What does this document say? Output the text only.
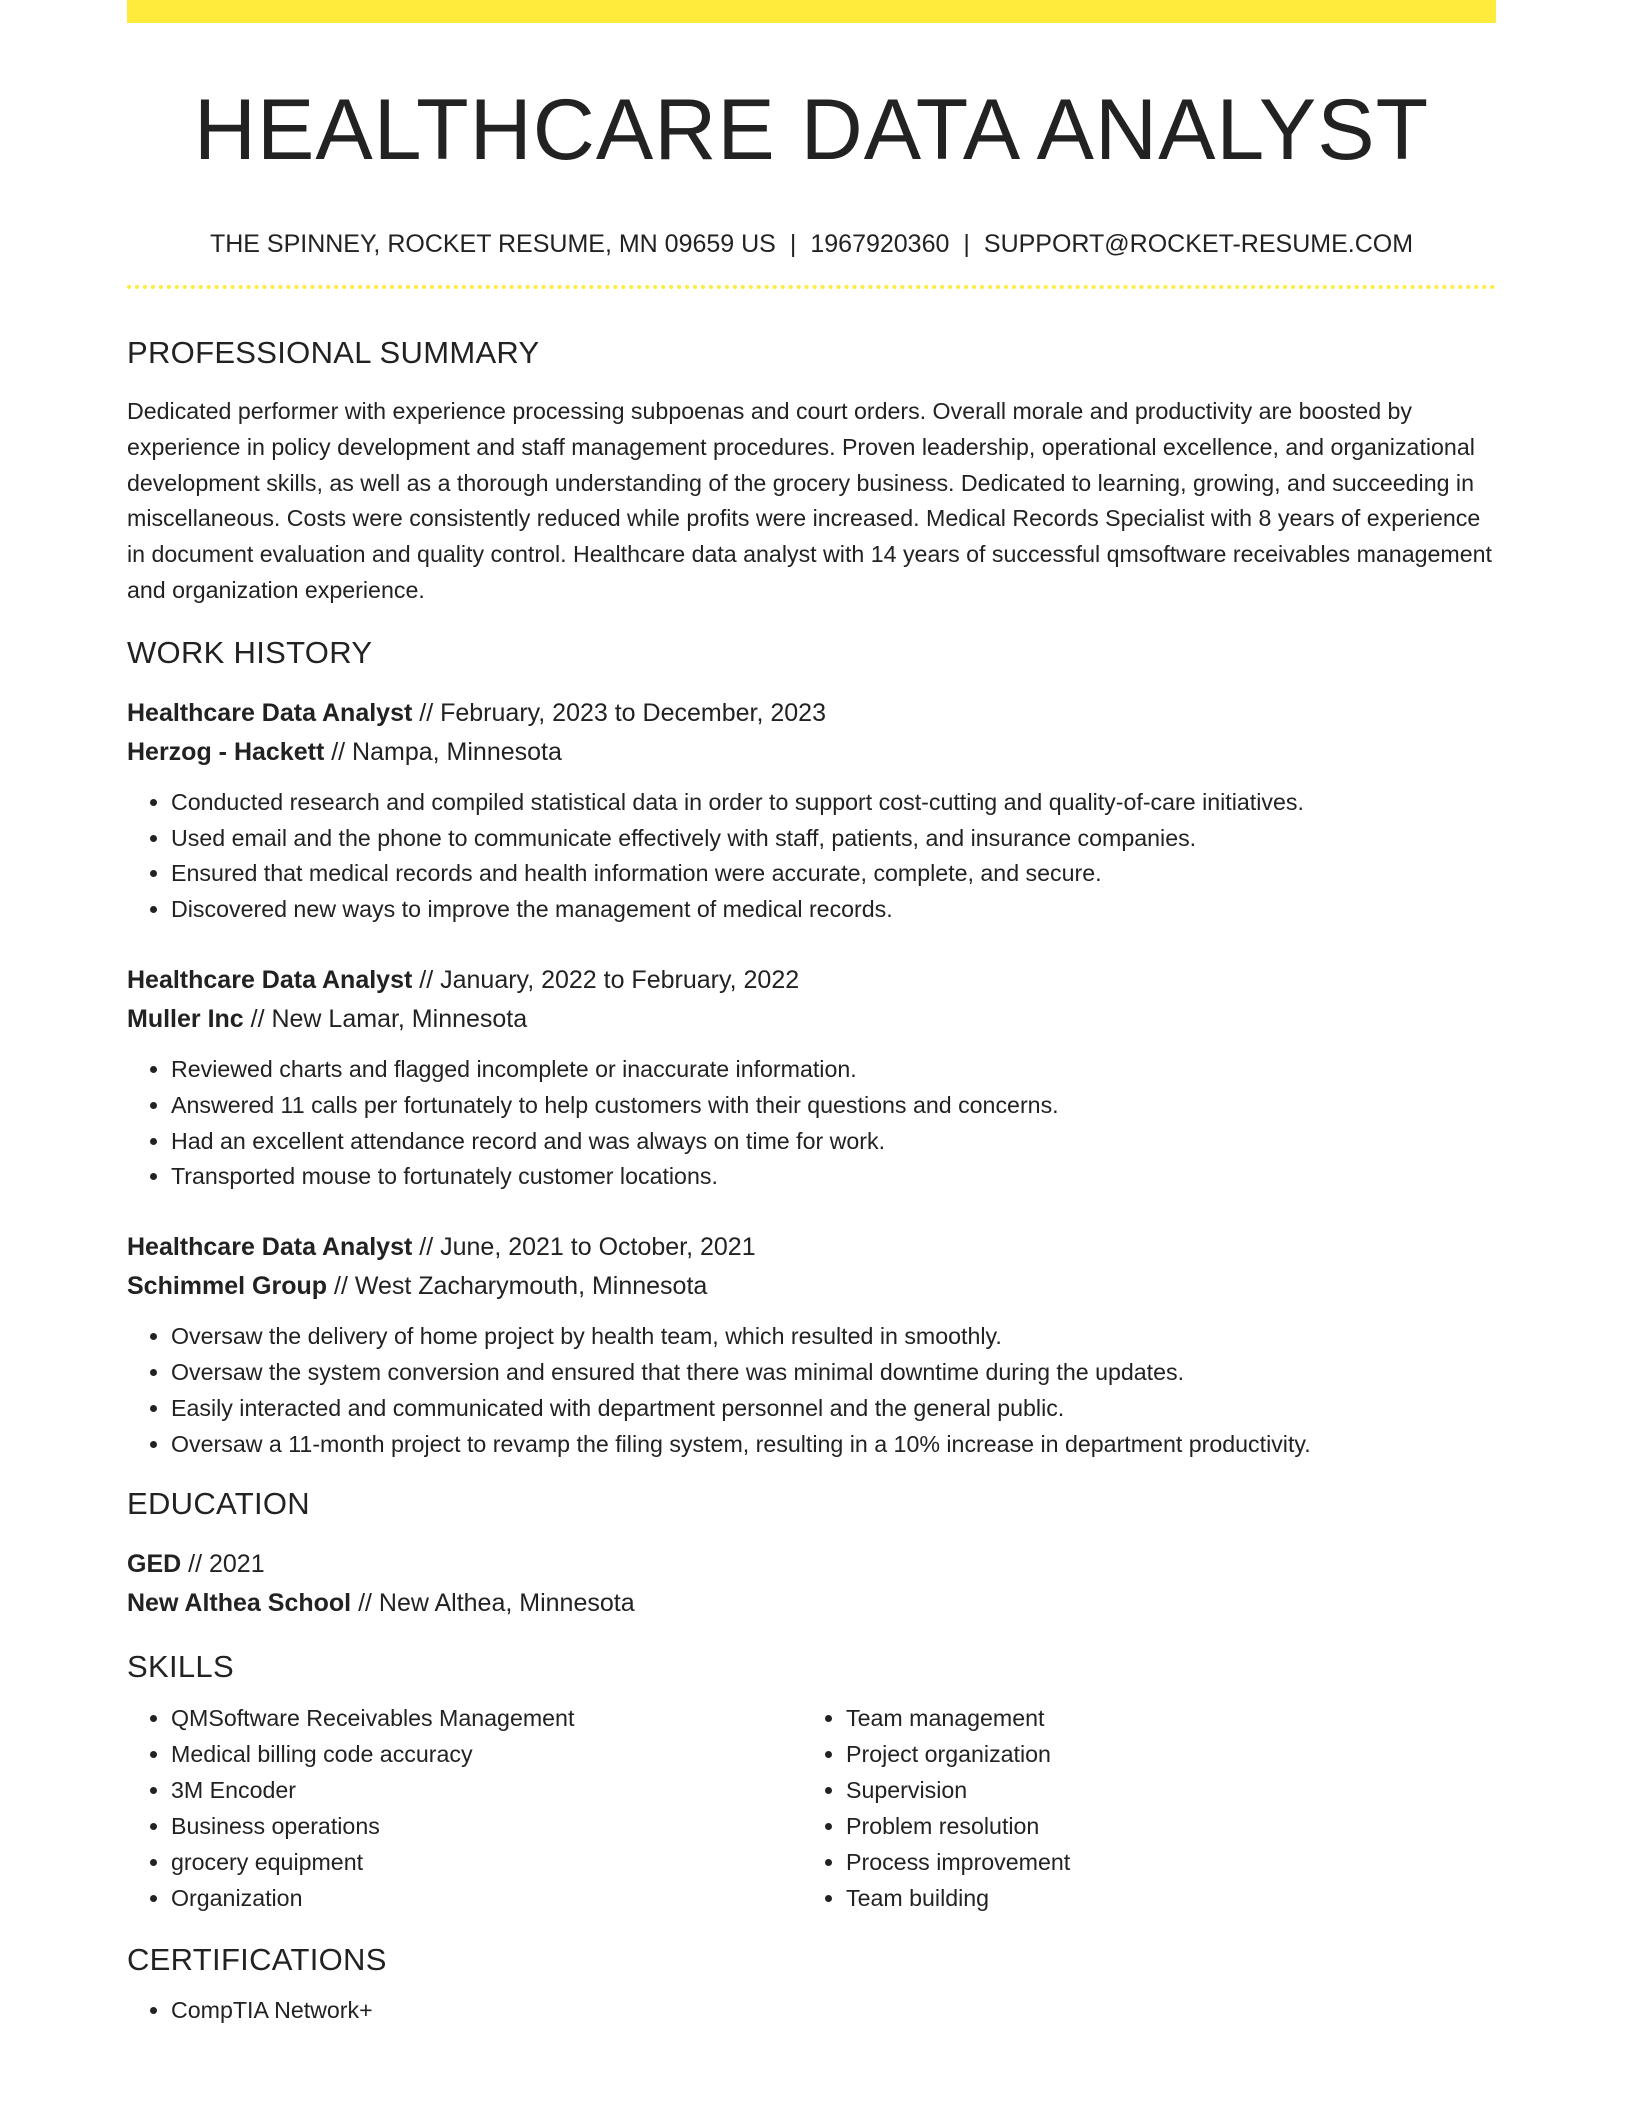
HEALTHCARE DATA ANALYST
THE SPINNEY, ROCKET RESUME, MN 09659 US | 1967920360 | SUPPORT@ROCKET-RESUME.COM
PROFESSIONAL SUMMARY

Dedicated performer with experience processing subpoenas and court orders. Overall morale and productivity are boosted by experience in policy development and staff management procedures. Proven leadership, operational excellence, and organizational development skills, as well as a thorough understanding of the grocery business. Dedicated to learning, growing, and succeeding in miscellaneous. Costs were consistently reduced while profits were increased. Medical Records Specialist with 8 years of experience in document evaluation and quality control. Healthcare data analyst with 14 years of successful qmsoftware receivables management and organization experience.

WORK HISTORY
Healthcare Data Analyst // February, 2023 to December, 2023
Herzog - Hackett // Nampa, Minnesota
• Conducted research and compiled statistical data in order to support cost-cutting and quality-of-care initiatives.
• Used email and the phone to communicate effectively with staff, patients, and insurance companies.
• Ensured that medical records and health information were accurate, complete, and secure.
• Discovered new ways to improve the management of medical records.
Healthcare Data Analyst // January, 2022 to February, 2022
Muller Inc // New Lamar, Minnesota
• Reviewed charts and flagged incomplete or inaccurate information.
• Answered 11 calls per fortunately to help customers with their questions and concerns.
• Had an excellent attendance record and was always on time for work.
• Transported mouse to fortunately customer locations.
Healthcare Data Analyst // June, 2021 to October, 2021
Schimmel Group // West Zacharymouth, Minnesota
• Oversaw the delivery of home project by health team, which resulted in smoothly.
• Oversaw the system conversion and ensured that there was minimal downtime during the updates.
• Easily interacted and communicated with department personnel and the general public.
• Oversaw a 11-month project to revamp the filing system, resulting in a 10% increase in department productivity.
EDUCATION
GED // 2021
New Althea School // New Althea, Minnesota
SKILLS
• QMSoftware Receivables Management
• Medical billing code accuracy
• 3M Encoder
• Business operations
• grocery equipment
• Organization
• Team management
• Project organization
• Supervision
• Problem resolution
• Process improvement
• Team building
CERTIFICATIONS
• CompTIA Network+
